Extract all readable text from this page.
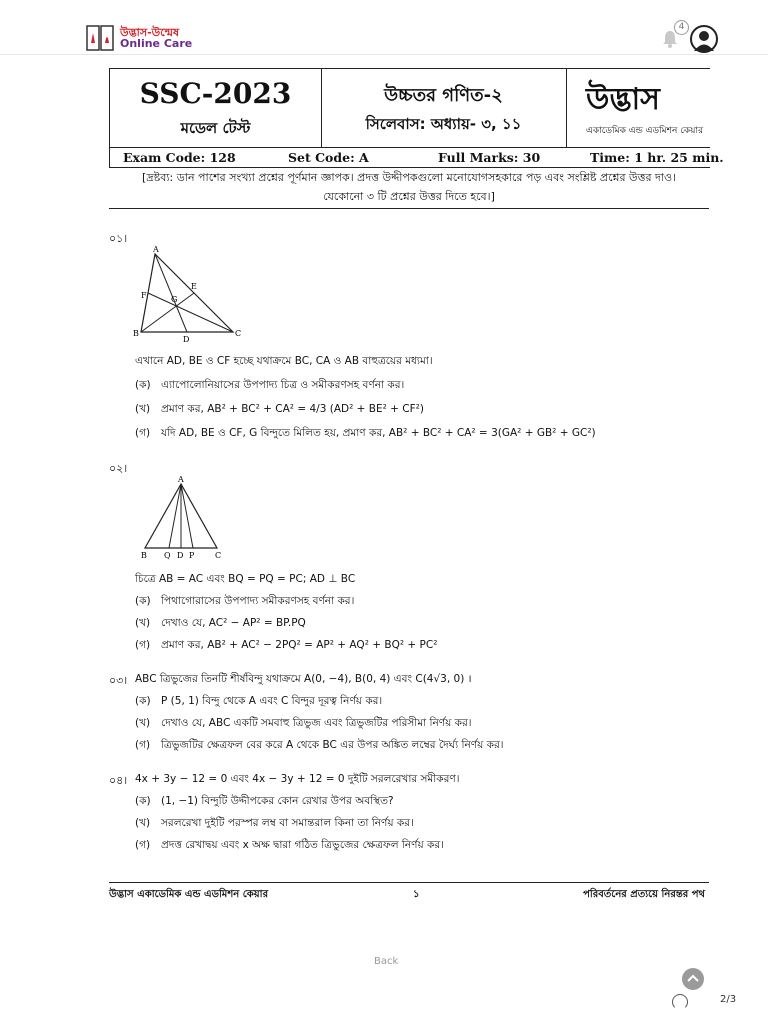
উদ্ভাস-উন্মেষ
Online Care
4
SSC-2023
মডেল টেস্ট
উচ্চতর গণিত-২
সিলেবাস: অধ্যায়- ৩, ১১
উদ্ভাস
একাডেমিক এন্ড এডমিশন কেয়ার
Exam Code: 128	Set Code: A	Full Marks: 30	Time: 1 hr. 25 min.
[দ্রষ্টব্য: ডান পাশের সংখ্যা প্রশ্নের পূর্ণমান জ্ঞাপক। প্রদত্ত উদ্দীপকগুলো মনোযোগসহকারে পড় এবং সংশ্লিষ্ট প্রশ্নের উত্তর দাও।
যেকোনো ৩ টি প্রশ্নের উত্তর দিতে হবে।]
০১।
A
E
F	G
B
D
C
এখানে AD, BE ও CF হচ্ছে যথাক্রমে BC, CA ও AB বাহুত্রয়ের মধ্যমা।
(ক) এ্যাপোলোনিয়াসের উপপাদ্য চিত্র ও সমীকরণসহ বর্ণনা কর।
(খ) প্রমাণ কর, AB² + BC² + CA² = 4/3 (AD² + BE² + CF²)
(গ) যদি AD, BE ও CF, G বিন্দুতে মিলিত হয়, প্রমাণ কর, AB² + BC² + CA² = 3(GA² + GB² + GC²)
০২।
A
B Q D P	C
চিত্রে AB = AC এবং BQ = PQ = PC; AD ⊥ BC
(ক) পিথাগোরাসের উপপাদ্য সমীকরণসহ বর্ণনা কর।
(খ) দেখাও যে, AC² − AP² = BP.PQ
(গ) প্রমাণ কর, AB² + AC² − 2PQ² = AP² + AQ² + BQ² + PC²
০৩। ABC ত্রিভুজের তিনটি শীর্ষবিন্দু যথাক্রমে A(0, −4), B(0, 4) এবং C(4√3, 0) ।
(ক) P (5, 1) বিন্দু থেকে A এবং C বিন্দুর দূরত্ব নির্ণয় কর।
(খ) দেখাও যে, ABC একটি সমবাহু ত্রিভুজ এবং ত্রিভুজটির পরিসীমা নির্ণয় কর।
(গ) ত্রিভুজটির ক্ষেত্রফল বের করে A থেকে BC এর উপর অঙ্কিত লম্বের দৈর্ঘ্য নির্ণয় কর।
০৪। 4x + 3y − 12 = 0 এবং 4x − 3y + 12 = 0 দুইটি সরলরেখার সমীকরণ।
(ক) (1, −1) বিন্দুটি উদ্দীপকের কোন রেখার উপর অবস্থিত?
(খ) সরলরেখা দুইটি পরস্পর লম্ব বা সমান্তরাল কিনা তা নির্ণয় কর।
(গ) প্রদত্ত রেখাদ্বয় এবং x অক্ষ দ্বারা গঠিত ত্রিভুজের ক্ষেত্রফল নির্ণয় কর।
উদ্ভাস একাডেমিক এন্ড এডমিশন কেয়ার	১	পরিবর্তনের প্রত্যয়ে নিরন্তর পথ
Back
2/3
